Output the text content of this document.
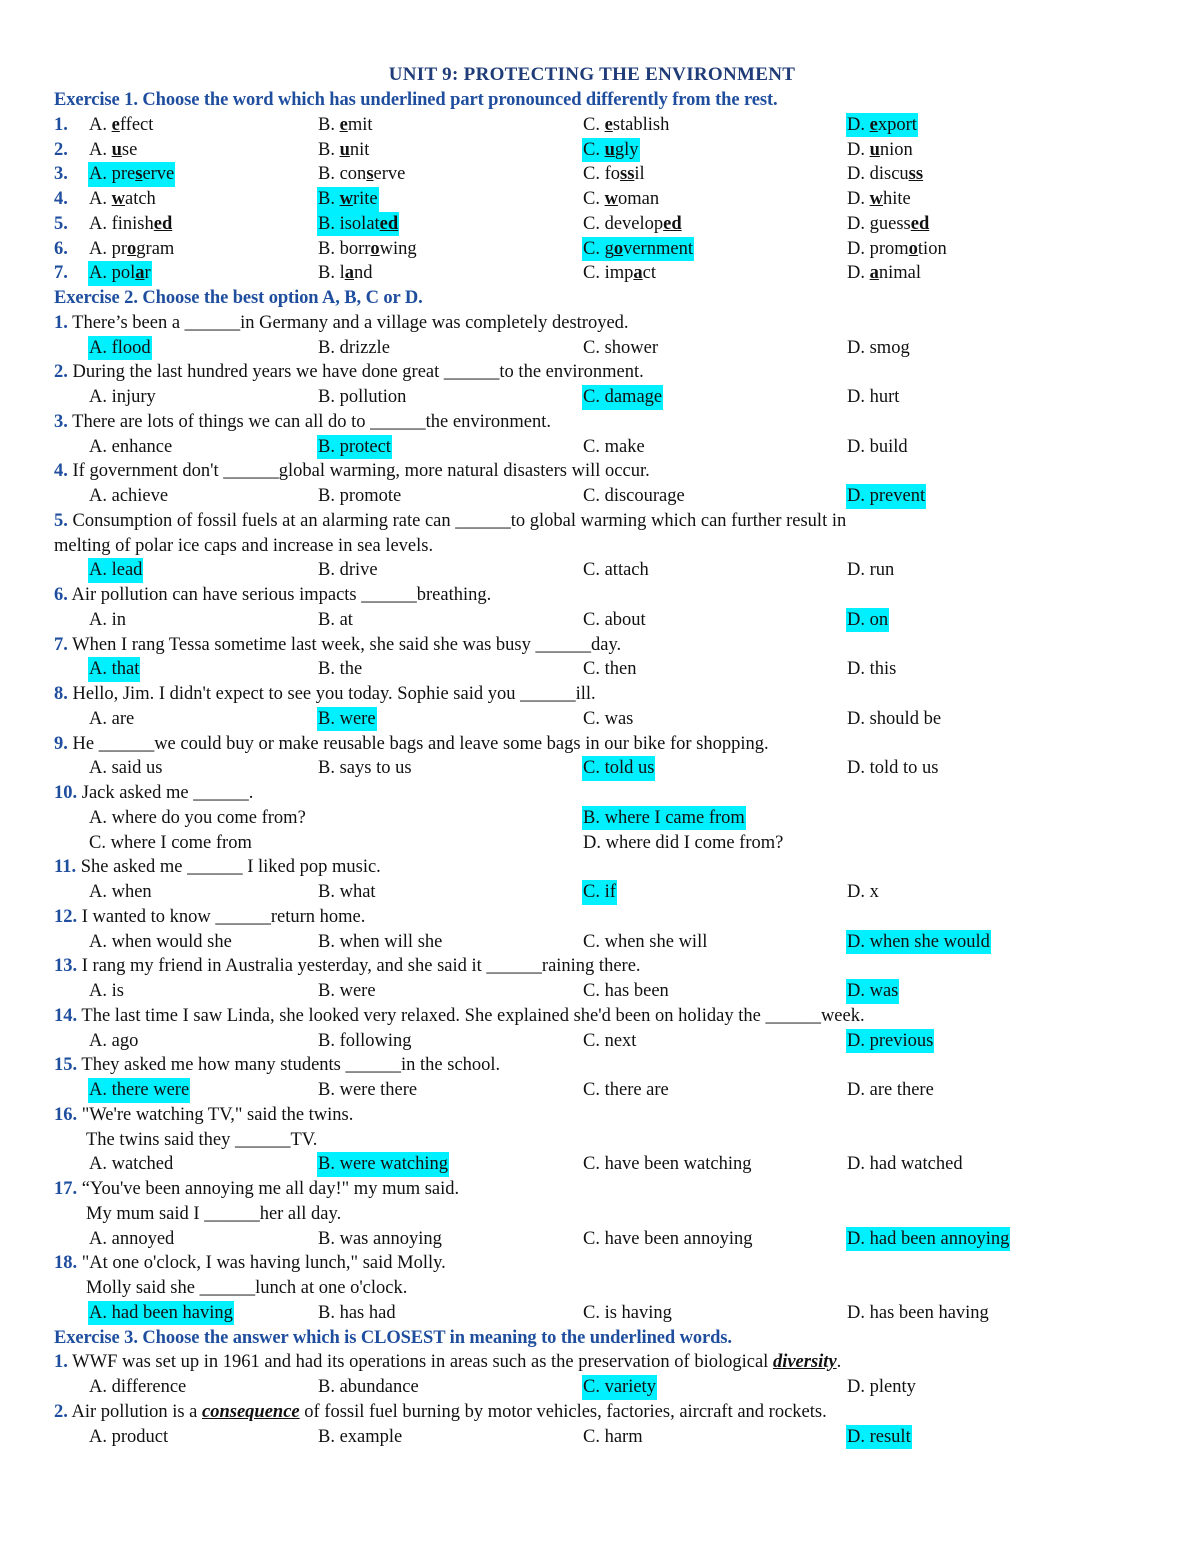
UNIT 9: PROTECTING THE ENVIRONMENT
Exercise 1. Choose the word which has underlined part pronounced differently from the rest.
1. A. effect	B. emit	C. establish	D. export
2. A. use	B. unit	C. ugly	D. union
3. A. preserve	B. conserve	C. fossil	D. discuss
4. A. watch	B. write	C. woman	D. white
5. A. finished	B. isolated	C. developed	D. guessed
6. A. program	B. borrowing	C. government	D. promotion
7. A. polar	B. land	C. impact	D. animal
Exercise 2. Choose the best option A, B, C or D.
1. There’s been a ______in Germany and a village was completely destroyed.
A. flood	B. drizzle	C. shower	D. smog
2. During the last hundred years we have done great ______to the environment.
A. injury	B. pollution	C. damage	D. hurt
3. There are lots of things we can all do to ______the environment.
A. enhance	B. protect	C. make	D. build
4. If government don't ______global warming, more natural disasters will occur.
A. achieve	B. promote	C. discourage	D. prevent
5. Consumption of fossil fuels at an alarming rate can ______to global warming which can further result in
melting of polar ice caps and increase in sea levels.
A. lead	B. drive	C. attach	D. run
6. Air pollution can have serious impacts ______breathing.
A. in	B. at	C. about	D. on
7. When I rang Tessa sometime last week, she said she was busy ______day.
A. that	B. the	C. then	D. this
8. Hello, Jim. I didn't expect to see you today. Sophie said you ______ill.
A. are	B. were	C. was	D. should be
9. He ______we could buy or make reusable bags and leave some bags in our bike for shopping.
A. said us	B. says to us	C. told us	D. told to us
10. Jack asked me ______.
A. where do you come from?	B. where I came from
C. where I come from	D. where did I come from?
11. She asked me ______ I liked pop music.
A. when	B. what	C. if	D. x
12. I wanted to know ______return home.
A. when would she	B. when will she	C. when she will	D. when she would
13. I rang my friend in Australia yesterday, and she said it ______raining there.
A. is	B. were	C. has been	D. was
14. The last time I saw Linda, she looked very relaxed. She explained she'd been on holiday the ______week.
A. ago	B. following	C. next	D. previous
15. They asked me how many students ______in the school.
A. there were	B. were there	C. there are	D. are there
16. "We're watching TV," said the twins.
The twins said they ______TV.
A. watched	B. were watching	C. have been watching	D. had watched
17. “You've been annoying me all day!" my mum said.
My mum said I ______her all day.
A. annoyed	B. was annoying	C. have been annoying	D. had been annoying
18. "At one o'clock, I was having lunch," said Molly.
Molly said she ______lunch at one o'clock.
A. had been having	B. has had	C. is having	D. has been having
Exercise 3. Choose the answer which is CLOSEST in meaning to the underlined words.
1. WWF was set up in 1961 and had its operations in areas such as the preservation of biological diversity.
A. difference	B. abundance	C. variety	D. plenty
2. Air pollution is a consequence of fossil fuel burning by motor vehicles, factories, aircraft and rockets.
A. product	B. example	C. harm	D. result
